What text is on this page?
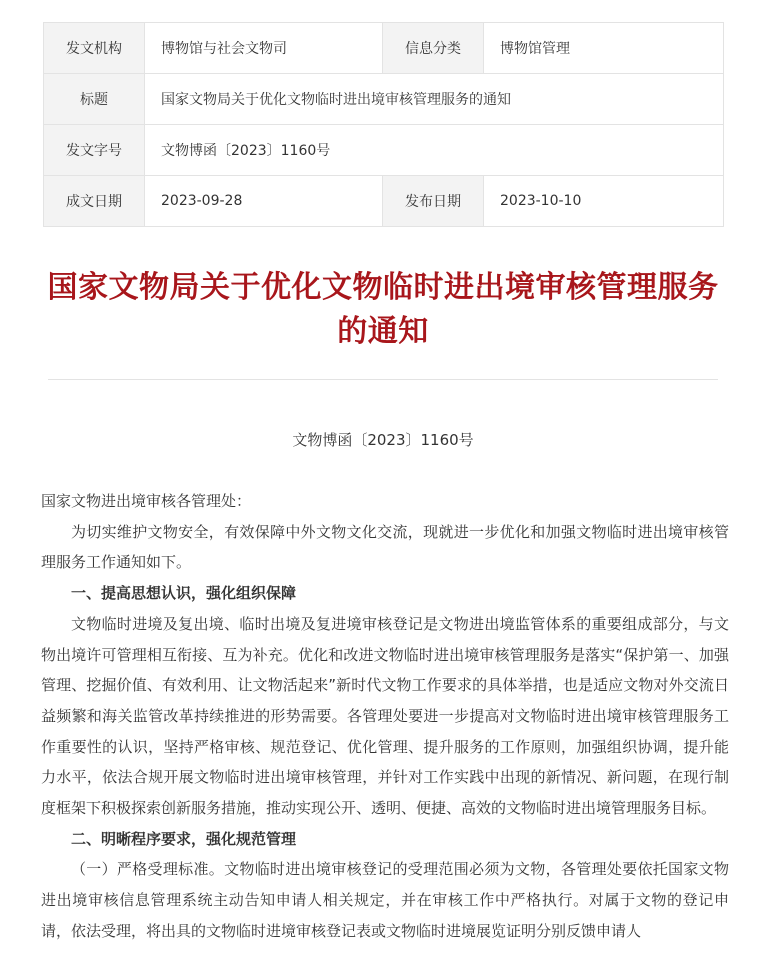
发文机构	博物馆与社会文物司	信息分类	博物馆管理
标题	国家文物局关于优化文物临时进出境审核管理服务的通知		
发文字号	文物博函〔2023〕1160号		
成文日期	2023-09-28	发布日期	2023-10-10
国家文物局关于优化文物临时进出境审核管理服务的通知
文物博函〔2023〕1160号

国家文物进出境审核各管理处：

为切实维护文物安全，有效保障中外文物文化交流，现就进一步优化和加强文物临时进出境审核管理服务工作通知如下。

一、提高思想认识，强化组织保障

文物临时进境及复出境、临时出境及复进境审核登记是文物进出境监管体系的重要组成部分，与文物出境许可管理相互衔接、互为补充。优化和改进文物临时进出境审核管理服务是落实“保护第一、加强管理、挖掘价值、有效利用、让文物活起来”新时代文物工作要求的具体举措，也是适应文物对外交流日益频繁和海关监管改革持续推进的形势需要。各管理处要进一步提高对文物临时进出境审核管理服务工作重要性的认识，坚持严格审核、规范登记、优化管理、提升服务的工作原则，加强组织协调，提升能力水平，依法合规开展文物临时进出境审核管理，并针对工作实践中出现的新情况、新问题，在现行制度框架下积极探索创新服务措施，推动实现公开、透明、便捷、高效的文物临时进出境管理服务目标。

二、明晰程序要求，强化规范管理

（一）严格受理标准。文物临时进出境审核登记的受理范围必须为文物，各管理处要依托国家文物进出境审核信息管理系统主动告知申请人相关规定，并在审核工作中严格执行。对属于文物的登记申请，依法受理，将出具的文物临时进境审核登记表或文物临时进境展览证明分别反馈申请人
